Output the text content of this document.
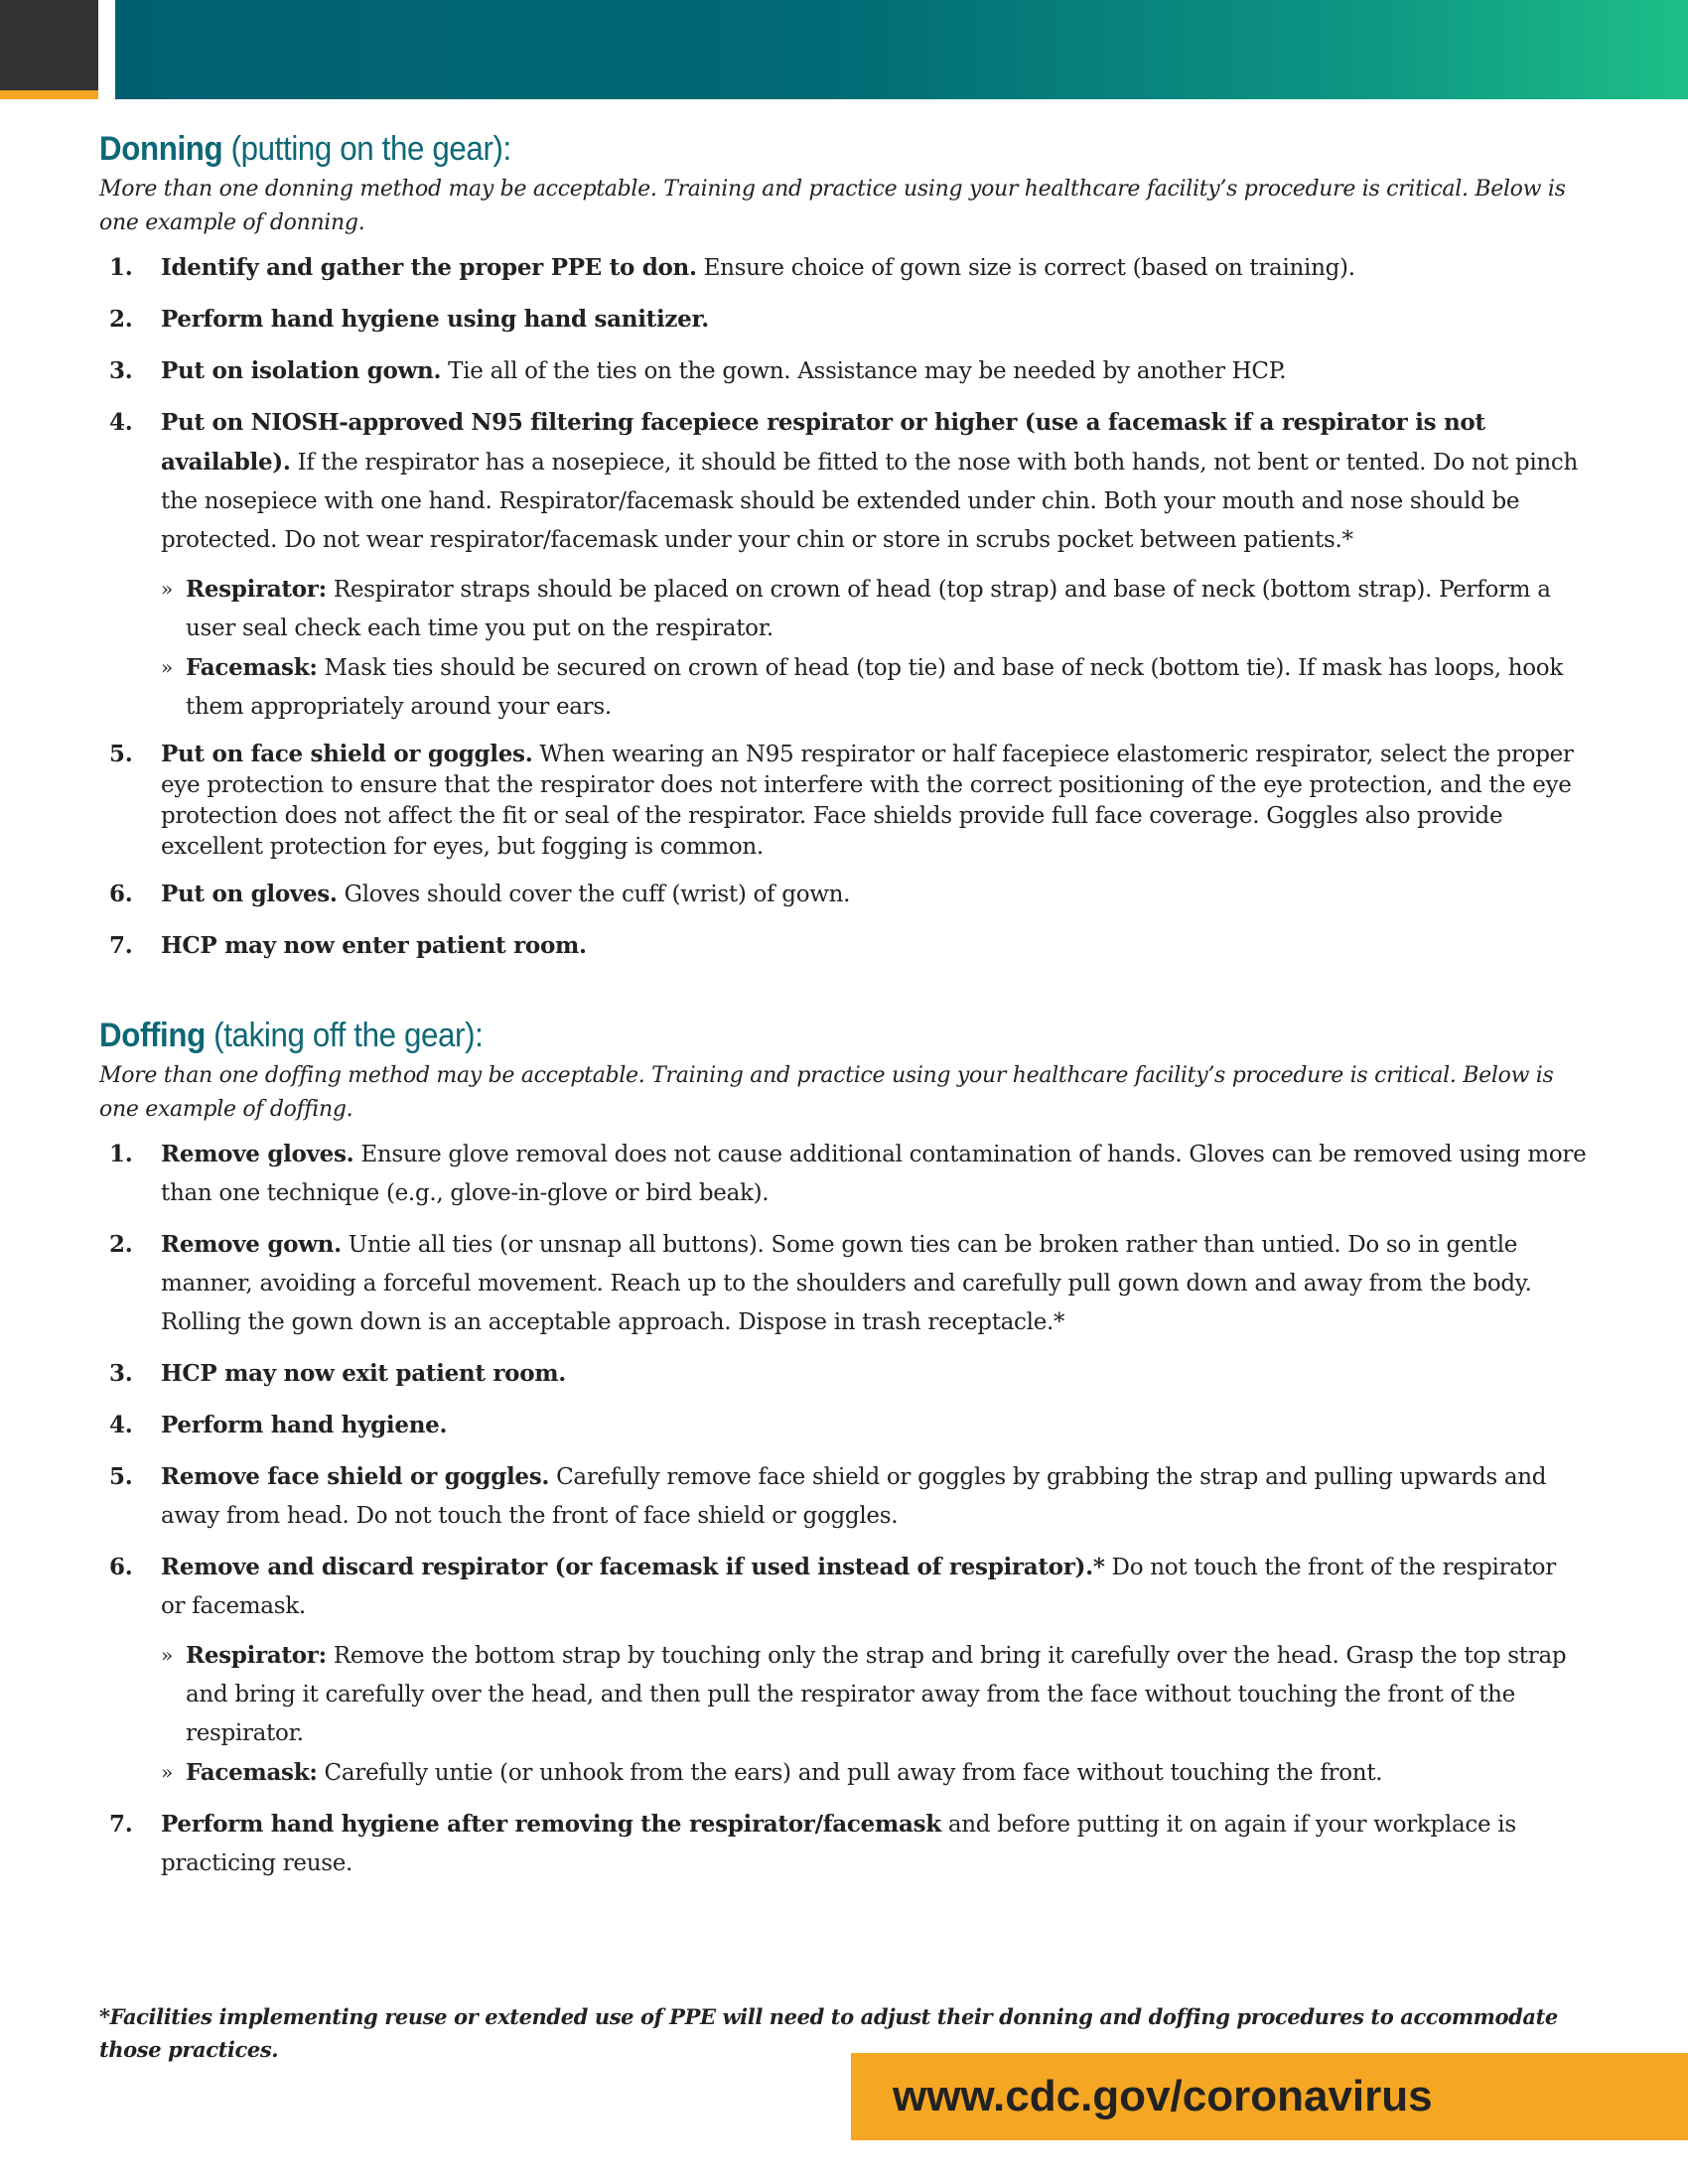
Donning (putting on the gear):

More than one donning method may be acceptable. Training and practice using your healthcare facility’s procedure is critical. Below is one example of donning.

1. Identify and gather the proper PPE to don. Ensure choice of gown size is correct (based on training).
2. Perform hand hygiene using hand sanitizer.
3. Put on isolation gown. Tie all of the ties on the gown. Assistance may be needed by another HCP.
4. Put on NIOSH-approved N95 filtering facepiece respirator or higher (use a facemask if a respirator is not available). If the respirator has a nosepiece, it should be fitted to the nose with both hands, not bent or tented. Do not pinch the nosepiece with one hand. Respirator/facemask should be extended under chin. Both your mouth and nose should be protected. Do not wear respirator/facemask under your chin or store in scrubs pocket between patients.*
» Respirator: Respirator straps should be placed on crown of head (top strap) and base of neck (bottom strap). Perform a user seal check each time you put on the respirator.
» Facemask: Mask ties should be secured on crown of head (top tie) and base of neck (bottom tie). If mask has loops, hook them appropriately around your ears.
5. Put on face shield or goggles. When wearing an N95 respirator or half facepiece elastomeric respirator, select the proper eye protection to ensure that the respirator does not interfere with the correct positioning of the eye protection, and the eye protection does not affect the fit or seal of the respirator. Face shields provide full face coverage. Goggles also provide excellent protection for eyes, but fogging is common.
6. Put on gloves. Gloves should cover the cuff (wrist) of gown.
7. HCP may now enter patient room.
Doffing (taking off the gear):

More than one doffing method may be acceptable. Training and practice using your healthcare facility’s procedure is critical. Below is one example of doffing.

1. Remove gloves. Ensure glove removal does not cause additional contamination of hands. Gloves can be removed using more than one technique (e.g., glove-in-glove or bird beak).
2. Remove gown. Untie all ties (or unsnap all buttons). Some gown ties can be broken rather than untied. Do so in gentle manner, avoiding a forceful movement. Reach up to the shoulders and carefully pull gown down and away from the body. Rolling the gown down is an acceptable approach. Dispose in trash receptacle.*
3. HCP may now exit patient room.
4. Perform hand hygiene.
5. Remove face shield or goggles. Carefully remove face shield or goggles by grabbing the strap and pulling upwards and away from head. Do not touch the front of face shield or goggles.
6. Remove and discard respirator (or facemask if used instead of respirator).* Do not touch the front of the respirator or facemask.
» Respirator: Remove the bottom strap by touching only the strap and bring it carefully over the head. Grasp the top strap and bring it carefully over the head, and then pull the respirator away from the face without touching the front of the respirator.
» Facemask: Carefully untie (or unhook from the ears) and pull away from face without touching the front.
7. Perform hand hygiene after removing the respirator/facemask and before putting it on again if your workplace is practicing reuse.

*Facilities implementing reuse or extended use of PPE will need to adjust their donning and doffing procedures to accommodate those practices.

www.cdc.gov/coronavirus
